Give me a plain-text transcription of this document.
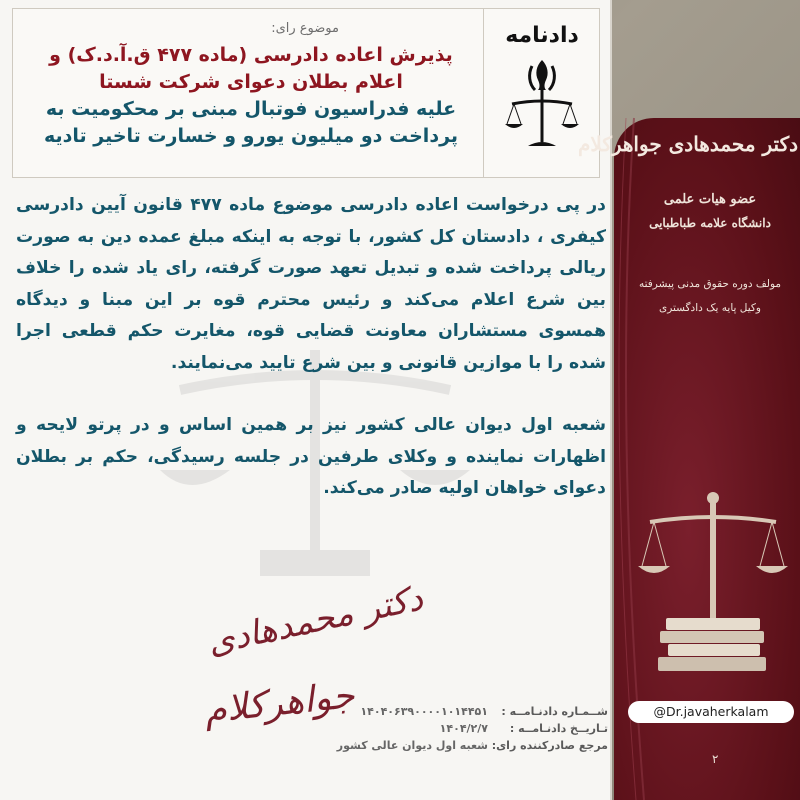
موضوع رای:
پذیرش اعاده دادرسی (ماده ۴۷۷ ق.آ.د.ک) و
اعلام بطلان دعوای شرکت شستا
علیه فدراسیون فوتبال مبنی بر محکومیت به
پرداخت دو میلیون یورو و خسارت تاخیر تادیه
دادنامه

در پی درخواست اعاده دادرسی موضوع ماده ۴۷۷ قانون آیین دادرسی کیفری ، دادستان کل کشور، با توجه به اینکه مبلغ عمده دین به صورت ریالی پرداخت شده و تبدیل تعهد صورت گرفته، رای یاد شده را خلاف بین شرع اعلام می‌کند و رئیس محترم قوه بر این مبنا و دیدگاه همسوی مستشاران معاونت قضایی قوه، مغایرت حکم قطعی اجرا شده را با موازین قانونی و بین شرع تایید می‌نمایند.

شعبه اول دیوان عالی کشور نیز بر همین اساس و در پرتو لایحه و اظهارات نماینده و وکلای طرفین در جلسه رسیدگی، حکم بر بطلان دعوای خواهان اولیه صادر می‌کند.

دکتر محمدهادی
جواهرکلام	شــمـاره دادنـامــه :
۱۴۰۴۰۶۳۹۰۰۰۰۱۰۱۴۴۵۱
تـاریــخ دادنـامــه :
۱۴۰۴/۲/۷
مرجع صادرکننده رای:
شعبه اول دیوان عالی کشور
دکتر محمدهادی جواهرکلام
عضو هیات علمی
دانشگاه علامه طباطبایی
مولف دوره حقوق مدنی پیشرفته
وکیل پایه یک دادگستری
@Dr.javaherkalam
۲
